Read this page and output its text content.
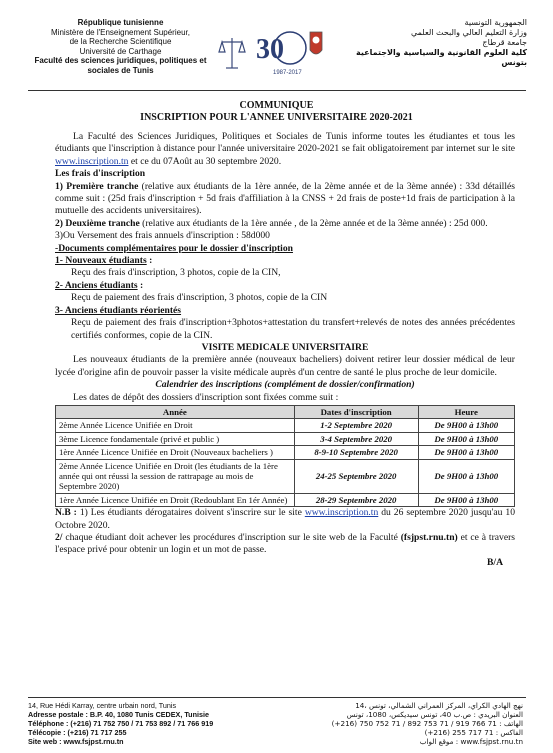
République tunisienne
Ministère de l'Enseignement Supérieur,
de la Recherche Scientifique
Université de Carthage
Faculté des sciences juridiques, politiques et
sociales de Tunis
30
1987-2017
الجمهورية التونسية
وزارة التعليم العالي والبحث العلمي
جامعة قرطاج
كلية العلوم القانونية والسياسية والاجتماعية بتونس
COMMUNIQUE
INSCRIPTION POUR L'ANNEE UNIVERSITAIRE 2020-2021

La Faculté des Sciences Juridiques, Politiques et Sociales de Tunis informe toutes les étudiantes et tous les étudiants que l'inscription à distance pour l'année universitaire 2020-2021 se fait obligatoirement par internet sur le site www.inscription.tn et ce du 07Août au 30 septembre 2020.

Les frais d'inscription

1) Première tranche (relative aux étudiants de la 1ère année, de la 2ème année et de la 3ème année) : 33d détaillés comme suit : (25d frais d'inscription + 5d frais d'affiliation à la CNSS + 2d frais de poste+1d frais de participation à la mutuelle des accidents universitaires).

2) Deuxième tranche (relative aux étudiants de la 1ère année , de la 2ème année et de la 3ème année) : 25d 000.

3)Ou Versement des frais annuels d'inscription : 58d000

-Documents complémentaires pour le dossier d'inscription

1- Nouveaux étudiants :

Reçu des frais d'inscription, 3 photos, copie de la CIN,

2- Anciens étudiants :

Reçu de paiement des frais d'inscription, 3 photos, copie de la CIN

3- Anciens étudiants réorientés

Reçu de paiement des frais d'inscription+3photos+attestation du transfert+relevés de notes des années précédentes certifiés conformes, copie de la CIN.

VISITE MEDICALE UNIVERSITAIRE

Les nouveaux étudiants de la première année (nouveaux bacheliers) doivent retirer leur dossier médical de leur lycée d'origine afin de pouvoir passer la visite médicale auprès d'un centre de santé le plus proche de leur domicile.

Calendrier des inscriptions (complément de dossier/confirmation)

Les dates de dépôt des dossiers d'inscription sont fixées comme suit :

Année	Dates d'inscription	Heure
2ème Année Licence Unifiée en Droit	1-2 Septembre 2020	De 9H00 à 13h00
3ème Licence fondamentale (privé et public )	3-4 Septembre 2020	De 9H00 à 13h00
1ère Année Licence Unifiée en Droit (Nouveaux bacheliers )	8-9-10 Septembre 2020	De 9H00 à 13h00
2ème Année Licence Unifiée en Droit (les étudiants de la 1ère année qui ont réussi la session de rattrapage au mois de Septembre 2020)	24-25 Septembre 2020	De 9H00 à 13h00
1ère Année Licence Unifiée en Droit (Redoublant En 1ér Année)	28-29 Septembre 2020	De 9H00 à 13h00

N.B : 1) Les étudiants dérogataires doivent s'inscrire sur le site www.inscription.tn du 26 septembre 2020 jusqu'au 10 Octobre 2020.

2/ chaque étudiant doit achever les procédures d'inscription sur le site web de la Faculté (fsjpst.rnu.tn) et ce à travers l'espace privé pour obtenir un login et un mot de passe.

B/A

14, Rue Hédi Karray, centre urbain nord, Tunis
Adresse postale : B.P. 40, 1080 Tunis CEDEX, Tunisie
Téléphone : (+216) 71 752 750 / 71 753 892 / 71 766 919
Télécopie : (+216) 71 717 255
Site web : www.fsjpst.rnu.tn
14، نهج الهادي الكراي، المركز العمراني الشمالي، تونس
العنوان البريدي : ص.ب 40، تونس سيديكس، 1080، تونس
الهاتف : 71 766 919 / 71 753 892 / 71 752 750 (216+)
الفاكس : 71 717 255 (216+)
موقع الواب : www.fsjpst.rnu.tn
